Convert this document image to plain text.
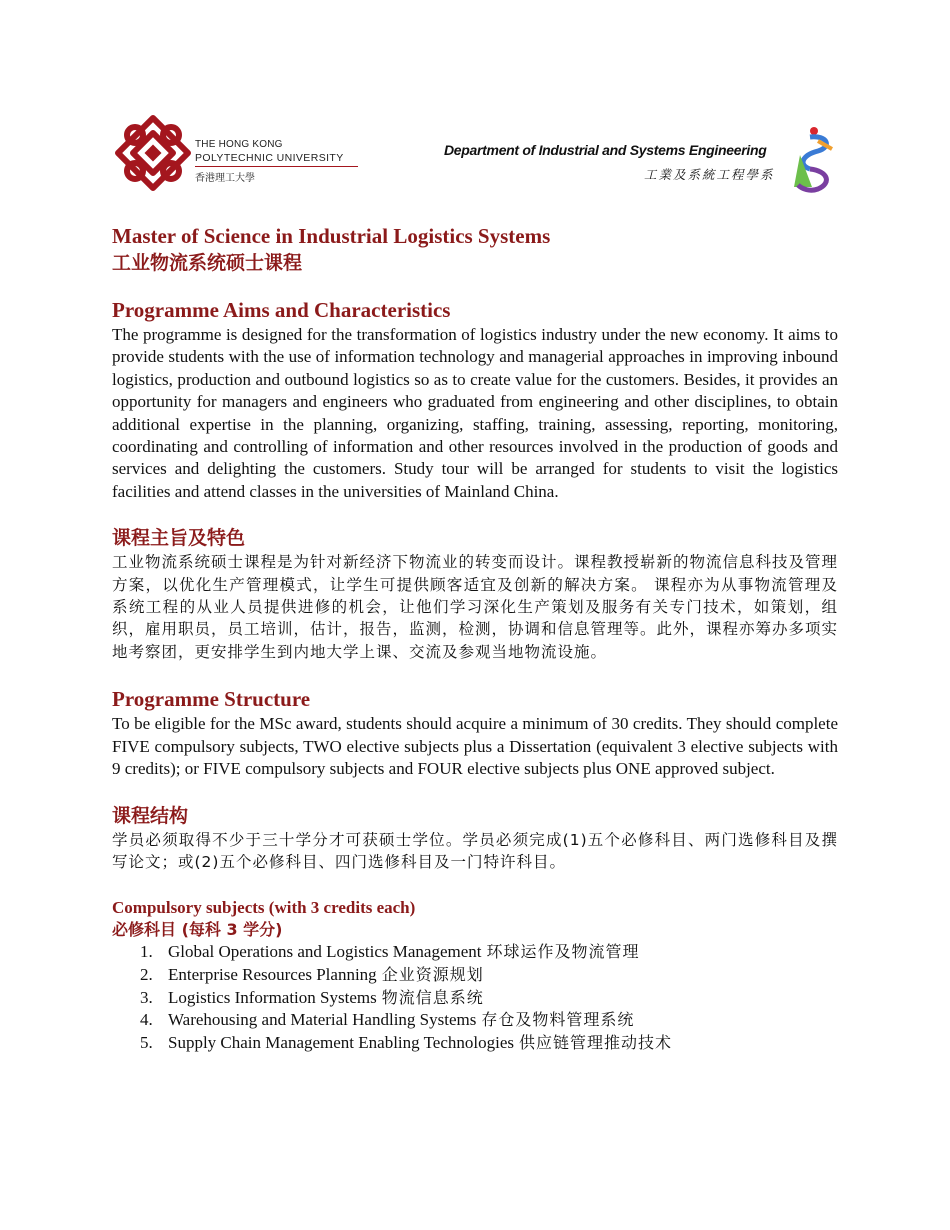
THE HONG KONG
POLYTECHNIC UNIVERSITY
香港理工大學
Department of Industrial and Systems Engineering
工業及系統工程學系
Master of Science in Industrial Logistics Systems
工业物流系统硕士课程
Programme Aims and Characteristics

The programme is designed for the transformation of logistics industry under the new economy. It aims to provide students with the use of information technology and managerial approaches in improving inbound logistics, production and outbound logistics so as to create value for the customers. Besides, it provides an opportunity for managers and engineers who graduated from engineering and other disciplines, to obtain additional expertise in the planning, organizing, staffing, training, assessing, reporting, monitoring, coordinating and controlling of information and other resources involved in the production of goods and services and delighting the customers. Study tour will be arranged for students to visit the logistics facilities and attend classes in the universities of Mainland China.

课程主旨及特色

工业物流系统硕士课程是为针对新经济下物流业的转变而设计。课程教授崭新的物流信息科技及管理方案，以优化生产管理模式，让学生可提供顾客适宜及创新的解决方案。 课程亦为从事物流管理及系统工程的从业人员提供进修的机会，让他们学习深化生产策划及服务有关专门技术，如策划，组织，雇用职员，员工培训，估计，报告，监测，检测，协调和信息管理等。此外，课程亦筹办多项实地考察团，更安排学生到内地大学上课、交流及参观当地物流设施。

Programme Structure

To be eligible for the MSc award, students should acquire a minimum of 30 credits. They should complete FIVE compulsory subjects, TWO elective subjects plus a Dissertation (equivalent 3 elective subjects with 9 credits); or FIVE compulsory subjects and FOUR elective subjects plus ONE approved subject.

课程结构

学员必须取得不少于三十学分才可获硕士学位。学员必须完成(1)五个必修科目、两门选修科目及撰写论文；或(2)五个必修科目、四门选修科目及一门特许科目。

Compulsory subjects (with 3 credits each)
必修科目 (每科 3 学分)
1. Global Operations and Logistics Management 环球运作及物流管理
2. Enterprise Resources Planning 企业资源规划
3. Logistics Information Systems 物流信息系统
4. Warehousing and Material Handling Systems 存仓及物料管理系统
5. Supply Chain Management Enabling Technologies 供应链管理推动技术
